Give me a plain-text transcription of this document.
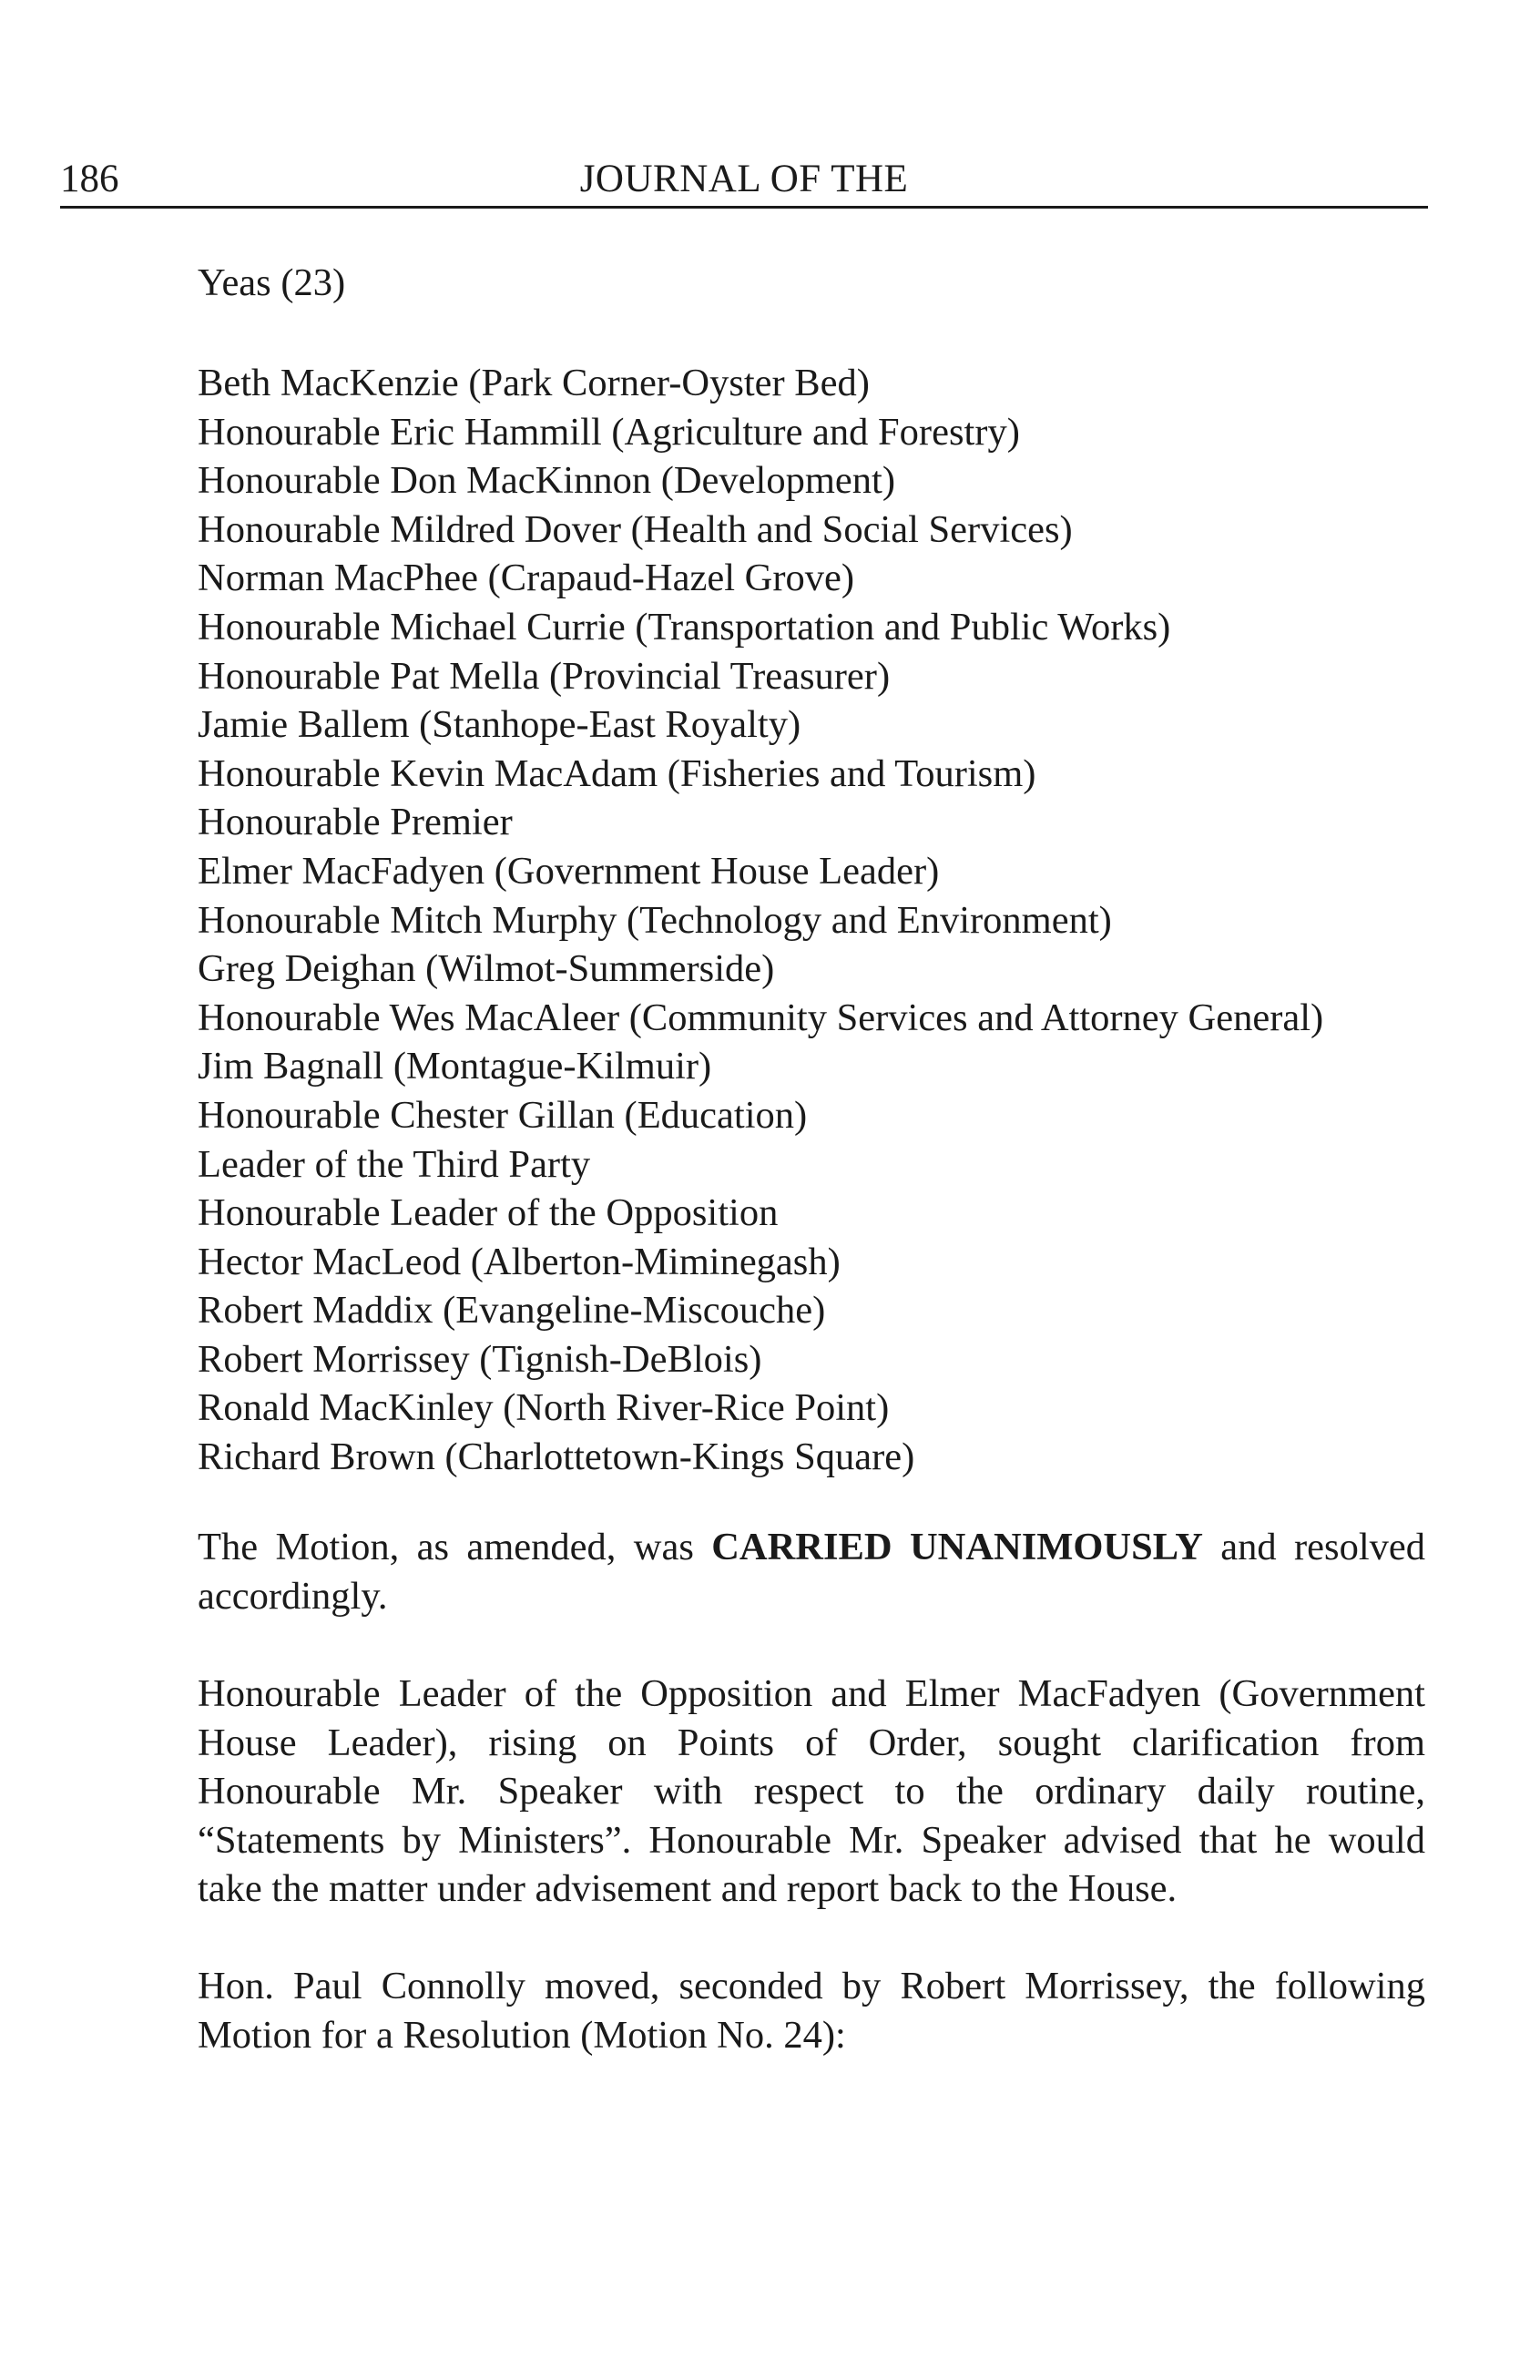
186	JOURNAL OF THE
Yeas (23)
Beth MacKenzie (Park Corner-Oyster Bed)
Honourable Eric Hammill (Agriculture and Forestry)
Honourable Don MacKinnon (Development)
Honourable Mildred Dover (Health and Social Services)
Norman MacPhee (Crapaud-Hazel Grove)
Honourable Michael Currie (Transportation and Public Works)
Honourable Pat Mella (Provincial Treasurer)
Jamie Ballem (Stanhope-East Royalty)
Honourable Kevin MacAdam (Fisheries and Tourism)
Honourable Premier
Elmer MacFadyen (Government House Leader)
Honourable Mitch Murphy (Technology and Environment)
Greg Deighan (Wilmot-Summerside)
Honourable Wes MacAleer (Community Services and Attorney General)
Jim Bagnall (Montague-Kilmuir)
Honourable Chester Gillan (Education)
Leader of the Third Party
Honourable Leader of the Opposition
Hector MacLeod (Alberton-Miminegash)
Robert Maddix (Evangeline-Miscouche)
Robert Morrissey (Tignish-DeBlois)
Ronald MacKinley (North River-Rice Point)
Richard Brown (Charlottetown-Kings Square)

The Motion, as amended, was CARRIED UNANIMOUSLY and resolved accordingly.

Honourable Leader of the Opposition and Elmer MacFadyen (Government House Leader), rising on Points of Order, sought clarification from Honourable Mr. Speaker with respect to the ordinary daily routine, “Statements by Ministers”. Honourable Mr. Speaker advised that he would take the matter under advisement and report back to the House.

Hon. Paul Connolly moved, seconded by Robert Morrissey, the following Motion for a Resolution (Motion No. 24):
